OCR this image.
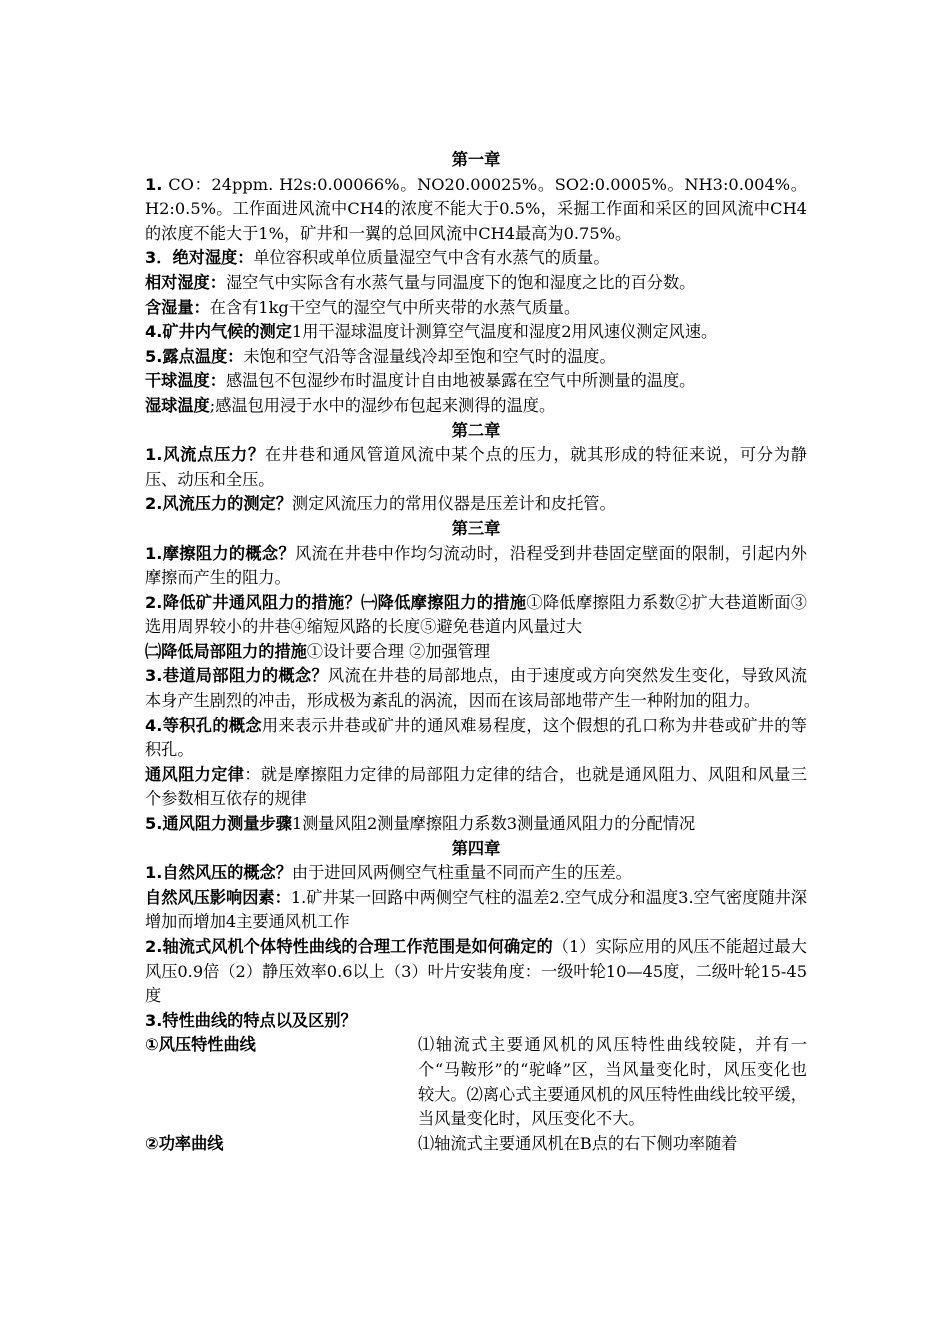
第一章
1. CO：24ppm. H2s:0.00066%。NO20.00025%。SO2:0.0005%。NH3:0.004%。H2:0.5%。工作面进风流中CH4的浓度不能大于0.5%，采掘工作面和采区的回风流中CH4的浓度不能大于1%，矿井和一翼的总回风流中CH4最高为0.75%。
3．绝对湿度：单位容积或单位质量湿空气中含有水蒸气的质量。
相对湿度：湿空气中实际含有水蒸气量与同温度下的饱和湿度之比的百分数。
含湿量：在含有1kg干空气的湿空气中所夹带的水蒸气质量。
4.矿井内气候的测定1用干湿球温度计测算空气温度和湿度2用风速仪测定风速。
5.露点温度：未饱和空气沿等含湿量线冷却至饱和空气时的温度。
干球温度：感温包不包湿纱布时温度计自由地被暴露在空气中所测量的温度。
湿球温度;感温包用浸于水中的湿纱布包起来测得的温度。
第二章
1.风流点压力？在井巷和通风管道风流中某个点的压力，就其形成的特征来说，可分为静压、动压和全压。
2.风流压力的测定？测定风流压力的常用仪器是压差计和皮托管。
第三章
1.摩擦阻力的概念？风流在井巷中作均匀流动时，沿程受到井巷固定壁面的限制，引起内外摩擦而产生的阻力。
2.降低矿井通风阻力的措施？㈠降低摩擦阻力的措施①降低摩擦阻力系数②扩大巷道断面③选用周界较小的井巷④缩短风路的长度⑤避免巷道内风量过大
㈡降低局部阻力的措施①设计要合理 ②加强管理
3.巷道局部阻力的概念？风流在井巷的局部地点，由于速度或方向突然发生变化，导致风流本身产生剧烈的冲击，形成极为紊乱的涡流，因而在该局部地带产生一种附加的阻力。
4.等积孔的概念用来表示井巷或矿井的通风难易程度，这个假想的孔口称为井巷或矿井的等积孔。
通风阻力定律：就是摩擦阻力定律的局部阻力定律的结合，也就是通风阻力、风阻和风量三个参数相互依存的规律
5.通风阻力测量步骤1测量风阻2测量摩擦阻力系数3测量通风阻力的分配情况
第四章
1.自然风压的概念？由于进回风两侧空气柱重量不同而产生的压差。
自然风压影响因素：1.矿井某一回路中两侧空气柱的温差2.空气成分和温度3.空气密度随井深增加而增加4主要通风机工作
2.轴流式风机个体特性曲线的合理工作范围是如何确定的（1）实际应用的风压不能超过最大风压0.9倍（2）静压效率0.6以上（3）叶片安装角度：一级叶轮10—45度，二级叶轮15-45度
3.特性曲线的特点以及区别？
①风压特性曲线	⑴轴流式主要通风机的风压特性曲线较陡，并有一个“马鞍形”的“驼峰”区，当风量变化时，风压变化也较大。⑵离心式主要通风机的风压特性曲线比较平缓，当风量变化时，风压变化不大。
②功率曲线	⑴轴流式主要通风机在B点的右下侧功率随着
